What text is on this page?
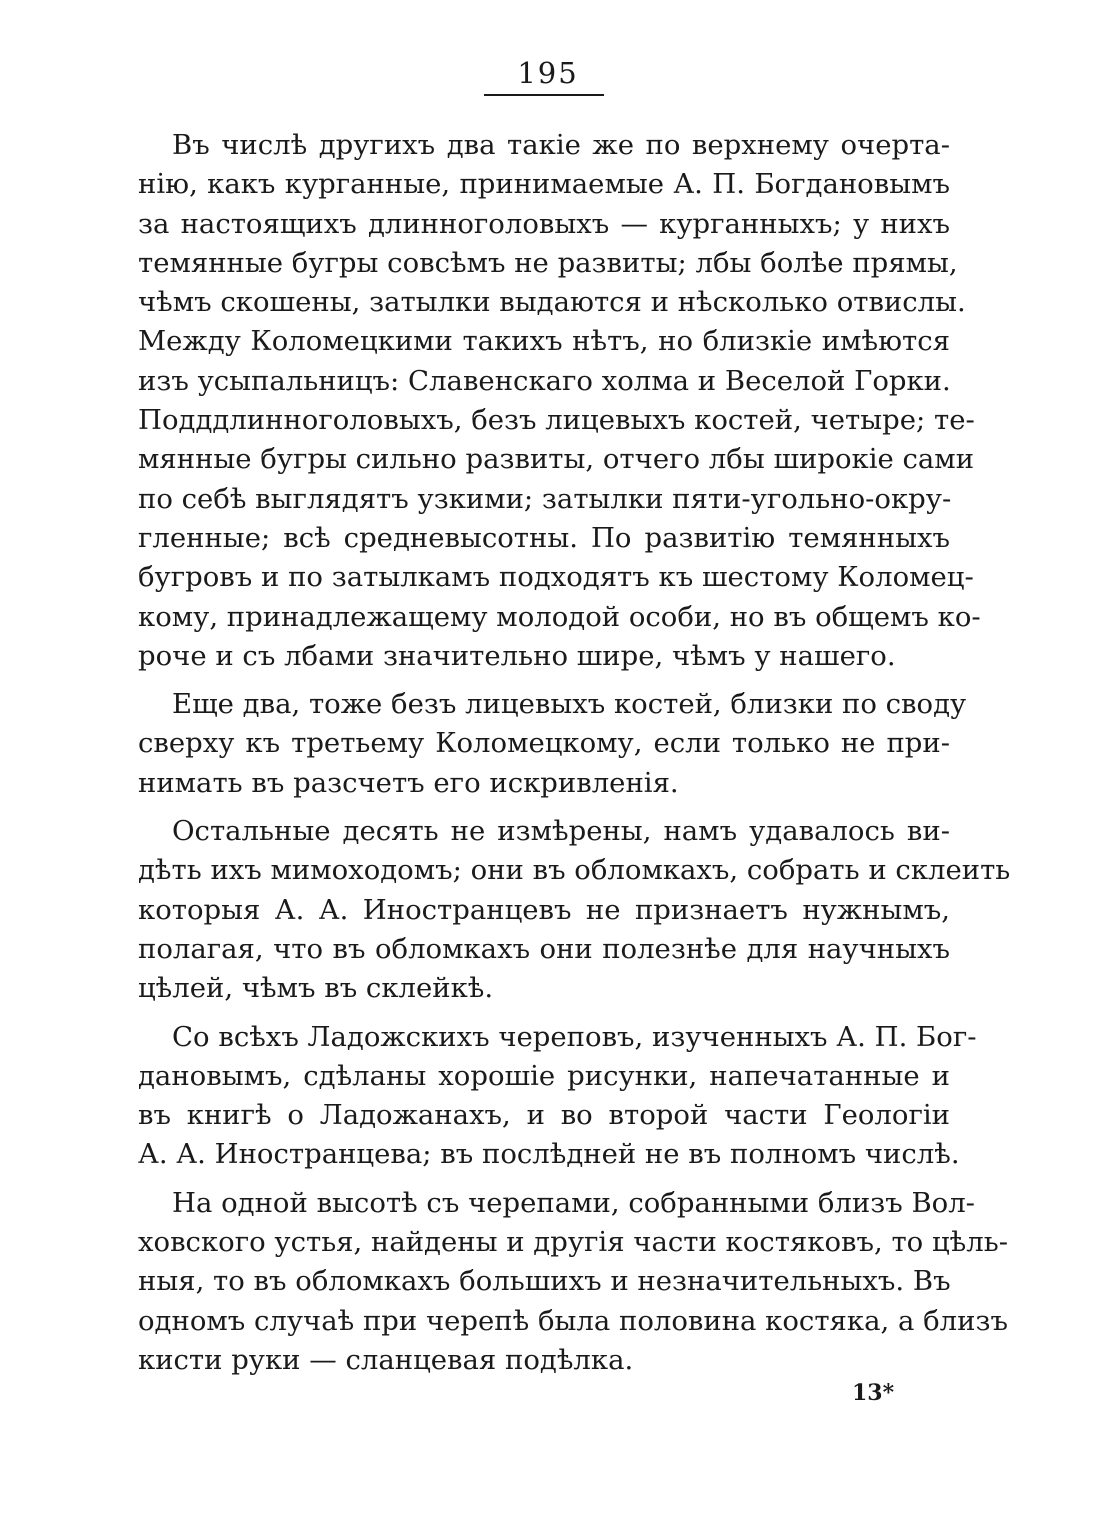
195
Въ числѣ другихъ два такіе же по верхнему очерта-
нію, какъ курганные, принимаемые А. П. Богдановымъ
за настоящихъ длинноголовыхъ — курганныхъ; у нихъ
темянные бугры совсѣмъ не развиты; лбы болѣе прямы,
чѣмъ скошены, затылки выдаются и нѣсколько отвислы.
Между Коломецкими такихъ нѣтъ, но близкіе имѣются
изъ усыпальницъ: Славенскаго холма и Веселой Горки.
Подддлинноголовыхъ, безъ лицевыхъ костей, четыре; те-
мянные бугры сильно развиты, отчего лбы широкіе сами
по себѣ выглядятъ узкими; затылки пяти-угольно-окру-
гленные; всѣ средневысотны. По развитію темянныхъ
бугровъ и по затылкамъ подходятъ къ шестому Коломец-
кому, принадлежащему молодой особи, но въ общемъ ко-
роче и съ лбами значительно шире, чѣмъ у нашего.
Еще два, тоже безъ лицевыхъ костей, близки по своду
сверху къ третьему Коломецкому, если только не при-
нимать въ разсчетъ его искривленія.
Остальные десять не измѣрены, намъ удавалось ви-
дѣть ихъ мимоходомъ; они въ обломкахъ, собрать и склеить
которыя А. А. Иностранцевъ не признаетъ нужнымъ,
полагая, что въ обломкахъ они полезнѣе для научныхъ
цѣлей, чѣмъ въ склейкѣ.
Со всѣхъ Ладожскихъ череповъ, изученныхъ А. П. Бог-
дановымъ, сдѣланы хорошіе рисунки, напечатанные и
въ книгѣ о Ладожанахъ, и во второй части Геологіи
А. А. Иностранцева; въ послѣдней не въ полномъ числѣ.
На одной высотѣ съ черепами, собранными близъ Вол-
ховского устья, найдены и другія части костяковъ, то цѣль-
ныя, то въ обломкахъ большихъ и незначительныхъ. Въ
одномъ случаѣ при черепѣ была половина костяка, а близъ
кисти руки — сланцевая подѣлка.
13*
